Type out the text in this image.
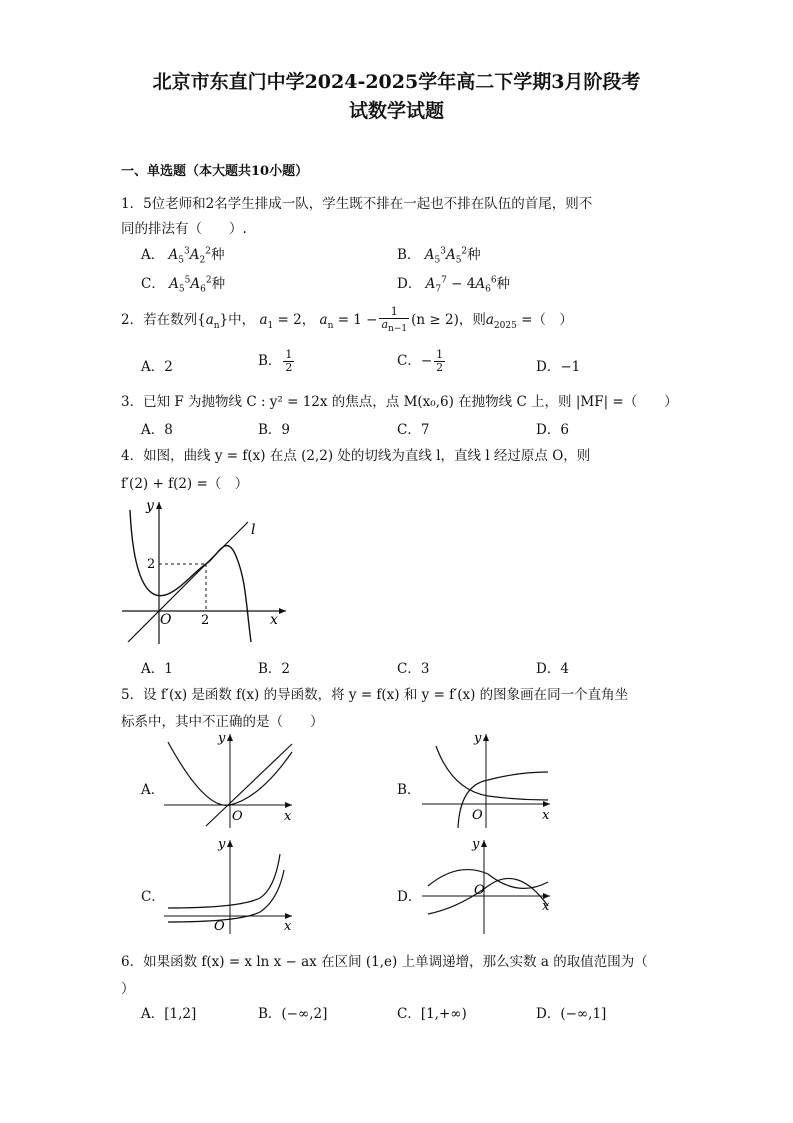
北京市东直门中学2024-2025学年高二下学期3月阶段考
试数学试题
一、单选题（本大题共10小题）
1．5位老师和2名学生排成一队，学生既不排在一起也不排在队伍的首尾，则不
同的排法有（　　）.
A． $A_5^3A_2^2$种	B． $A_5^3A_5^2$种
C． $A_5^5A_6^2$种	D． $A_7^7 - 4A_6^6$种
2．若在数列$\{a_n\}$中， $a_1 = 2$， $a_n = 1 - \frac{1}{a_{n-1}} (n \ge 2)$，则$a_{2025}$ =（　）
A．2	B． $\frac{1}{2}$	C．− $\frac{1}{2}$	D．−1
3．已知 F 为抛物线 C : y² = 12x 的焦点，点 M(x₀,6) 在抛物线 C 上，则 |MF| =（　　）
A．8	B．9	C．7	D．6
4．如图，曲线 y = f(x) 在点 (2,2) 处的切线为直线 l，直线 l 经过原点 O，则
f′(2) + f(2) =（　）
y
x
O
l
2
2
A．1	B．2	C．3	D．4
5．设 f′(x) 是函数 f(x) 的导函数，将 y = f(x) 和 y = f′(x) 的图象画在同一个直角坐
标系中，其中不正确的是（　　）
A．
y
x
O
B．
y
x
O
C．
y
x
O
D．
y
x
O
6．如果函数 f(x) = x ln x − ax 在区间 (1,e) 上单调递增，那么实数 a 的取值范围为（
）
A．[1,2]	B．(−∞,2]	C．[1,+∞)	D．(−∞,1]
